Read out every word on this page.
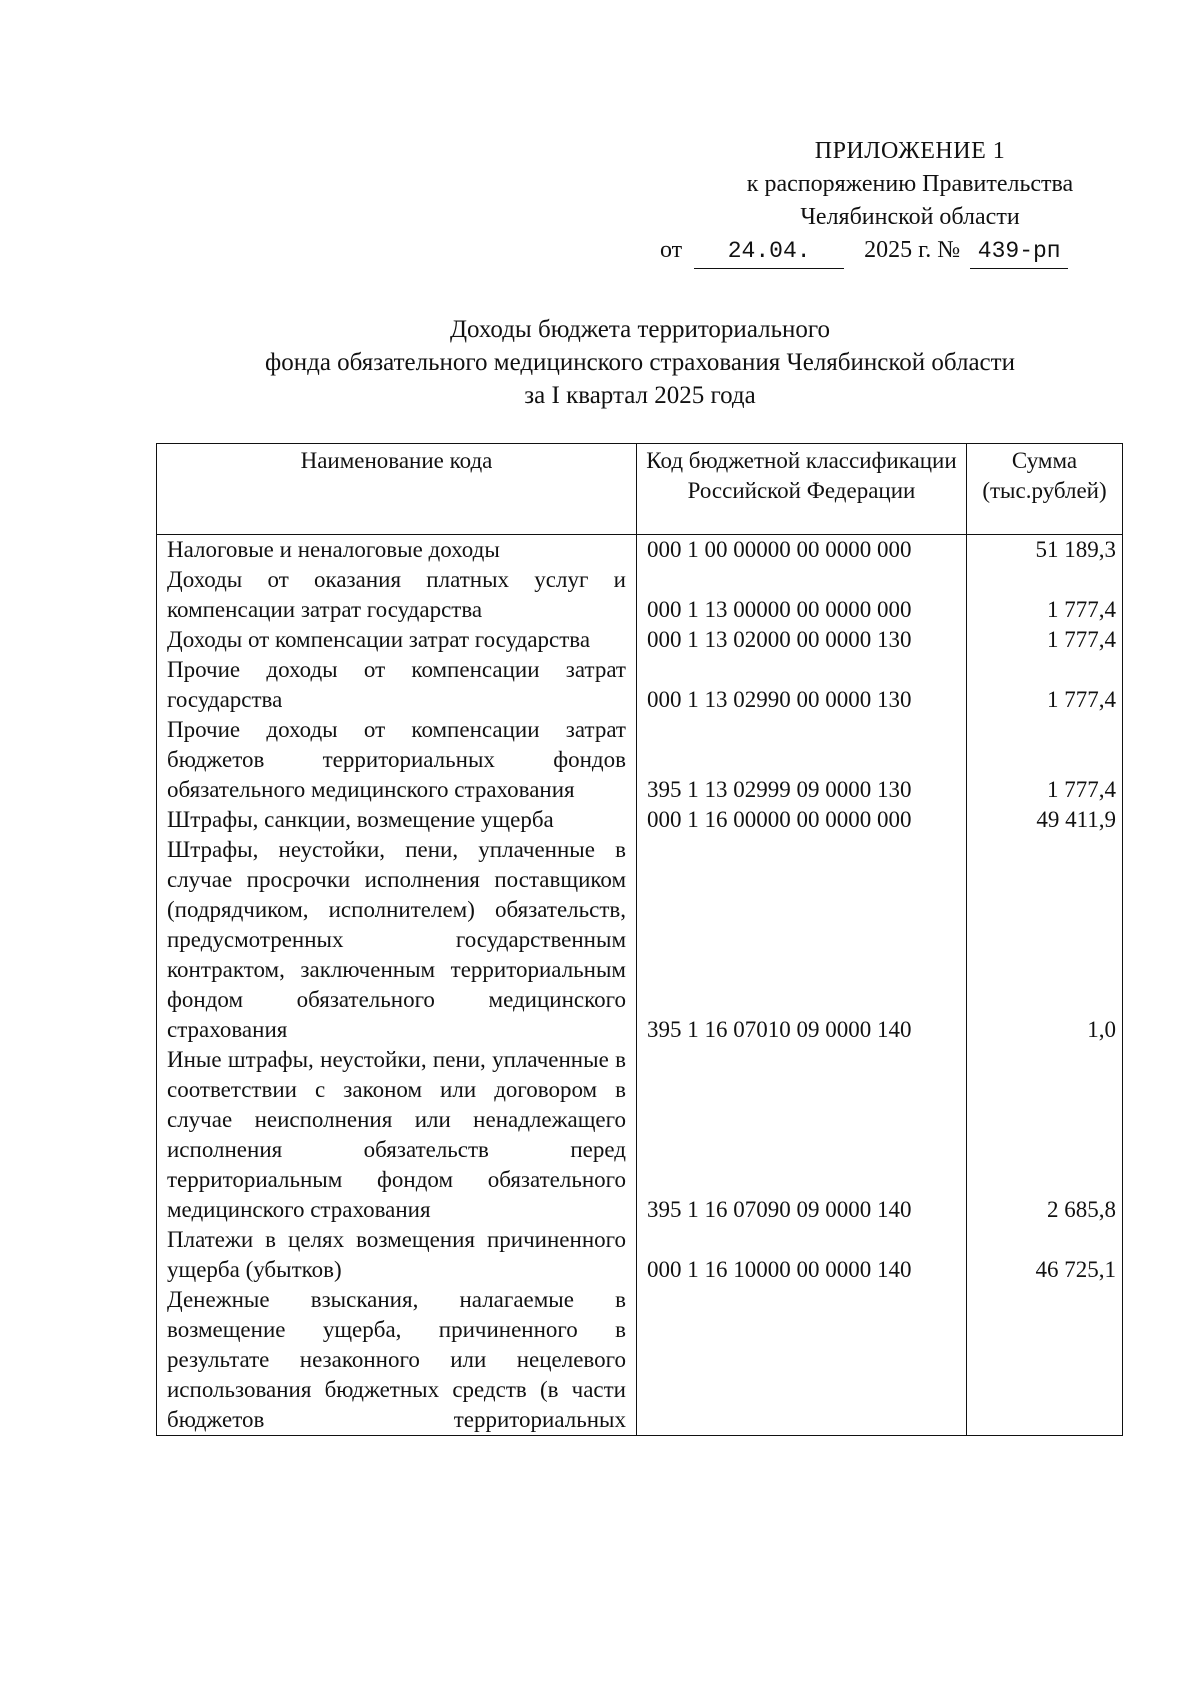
ПРИЛОЖЕНИЕ 1
к распоряжению Правительства
Челябинской области
от 24.04. 2025 г. № 439-рп
Доходы бюджета территориального
фонда обязательного медицинского страхования Челябинской области
за I квартал 2025 года
Наименование кода	Код бюджетной классификации Российской Федерации	Сумма (тыс.рублей)
Налоговые и неналоговые доходы	000 1 00 00000 00 0000 000	51 189,3
Доходы от оказания платных услуг и компенсации затрат государства	000 1 13 00000 00 0000 000	1 777,4
Доходы от компенсации затрат государства	000 1 13 02000 00 0000 130	1 777,4
Прочие доходы от компенсации затрат государства	000 1 13 02990 00 0000 130	1 777,4
Прочие доходы от компенсации затрат бюджетов территориальных фондов обязательного медицинского страхования	395 1 13 02999 09 0000 130	1 777,4
Штрафы, санкции, возмещение ущерба	000 1 16 00000 00 0000 000	49 411,9
Штрафы, неустойки, пени, уплаченные в случае просрочки исполнения поставщиком (подрядчиком, исполнителем) обязательств, предусмотренных государственным контрактом, заключенным территориальным фондом обязательного медицинского страхования	395 1 16 07010 09 0000 140	1,0
Иные штрафы, неустойки, пени, уплаченные в соответствии с законом или договором в случае неисполнения или ненадлежащего исполнения обязательств перед территориальным фондом обязательного медицинского страхования	395 1 16 07090 09 0000 140	2 685,8
Платежи в целях возмещения причиненного ущерба (убытков)	000 1 16 10000 00 0000 140	46 725,1
Денежные взыскания, налагаемые в возмещение ущерба, причиненного в результате незаконного или нецелевого использования бюджетных средств (в части бюджетов территориальных		
